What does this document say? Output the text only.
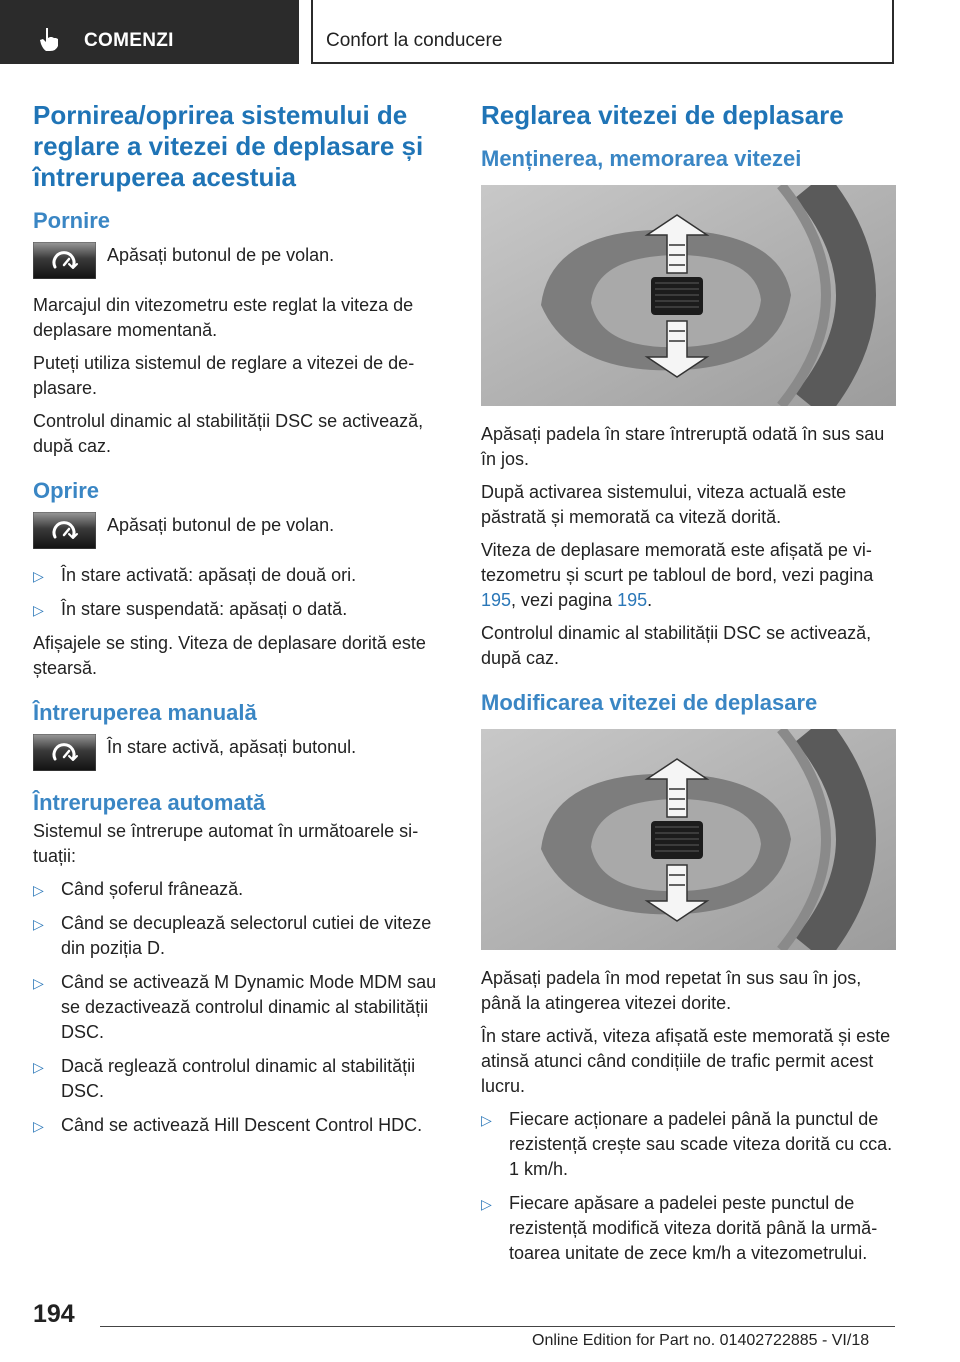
COMENZI	Confort la conducere
Pornirea/oprirea sistemului de reglare a vitezei de deplasare și întreruperea acestuia
Pornire

Apăsați butonul de pe volan.

Marcajul din vitezometru este reglat la viteza de deplasare momentană.

Puteți utiliza sistemul de reglare a vitezei de deplasare.

Controlul dinamic al stabilității DSC se activează, după caz.

Oprire

Apăsați butonul de pe volan.

▷ În stare activată: apăsați de două ori.
▷ În stare suspendată: apăsați o dată.

Afișajele se sting. Viteza de deplasare dorită este ștearsă.

Întreruperea manuală

În stare activă, apăsați butonul.

Întreruperea automată

Sistemul se întrerupe automat în următoarele situații:

▷ Când șoferul frânează.
▷ Când se decuplează selectorul cutiei de viteze din poziția D.
▷ Când se activează M Dynamic Mode MDM sau se dezactivează controlul dinamic al stabilității DSC.
▷ Dacă reglează controlul dinamic al stabilității DSC.
▷ Când se activează Hill Descent Control HDC.
Reglarea vitezei de deplasare
Menținerea, memorarea vitezei

Apăsați padela în stare întreruptă odată în sus sau în jos.

După activarea sistemului, viteza actuală este păstrată și memorată ca viteză dorită.

Viteza de deplasare memorată este afișată pe vitezometru și scurt pe tabloul de bord, vezi pagina 195, vezi pagina 195.

Controlul dinamic al stabilității DSC se activează, după caz.

Modificarea vitezei de deplasare

Apăsați padela în mod repetat în sus sau în jos, până la atingerea vitezei dorite.

În stare activă, viteza afișată este memorată și este atinsă atunci când condițiile de trafic permit acest lucru.

▷ Fiecare acționare a padelei până la punctul de rezistență crește sau scade viteza dorită cu cca. 1 km/h.
▷ Fiecare apăsare a padelei peste punctul de rezistență modifică viteza dorită până la următoarea unitate de zece km/h a vitezometrului.
194
Online Edition for Part no. 01402722885 - VI/18
